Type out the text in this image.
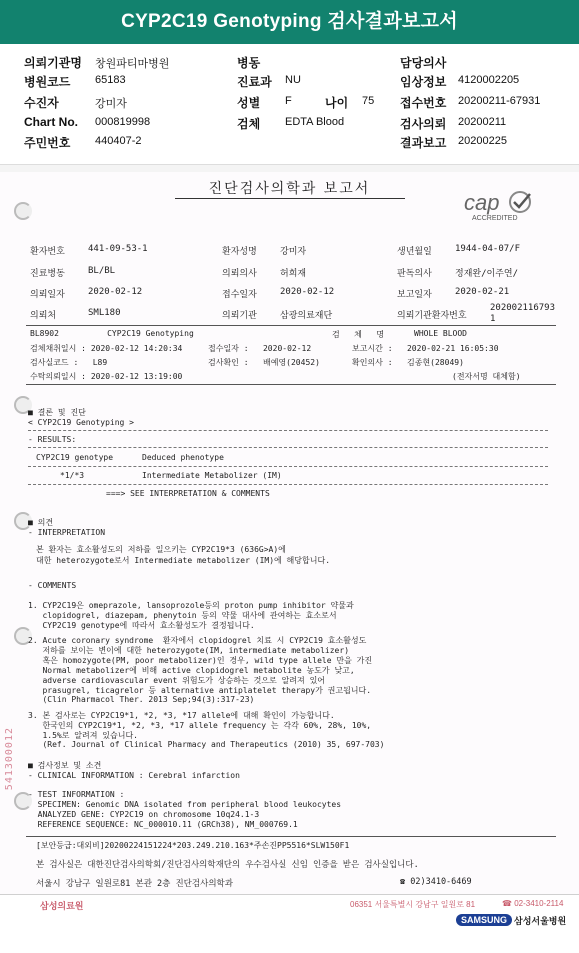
CYP2C19 Genotyping 검사결과보고서
의뢰기관명 창원파티마병원
병원코드 65183
수진자	강미자
Chart No. 000819998
주민번호 440407-2
병동
진료과 NU
성별 F	나이 75
검체 EDTA Blood
담당의사
임상정보 4120002205
접수번호 20200211-67931
검사의뢰 20200211
결과보고 20200225
진단검사의학과 보고서
cap
ACCREDITED
환자번호	441-09-53-1	환자성명	강미자	생년월일	1944-04-07/F
진료병동	BL/BL	의뢰의사	허희재	판독의사	정재완/이주연/
의뢰일자	2020-02-12	접수일자	2020-02-12	보고일자	2020-02-21
의뢰처	SML180	의뢰기관	삼광의료재단	의뢰기관환자번호
202002116793
1
BL8902          CYP2C19 Genotyping	검   체   명	WHOLE BLOOD
검체채취일시 : 2020-02-12 14:20:34	접수일자 :   2020-02-12	보고시간 :   2020-02-21 16:05:30
검사실코드 :   L89	검사확인 :   배예영(20452)	확인의사 :   김종현(28049)
수탁의뢰일시 : 2020-02-12 13:19:00	(전자서명 대체함)
■ 결론 및 진단
< CYP2C19 Genotyping >
- RESULTS:
CYP2C19 genotype	Deduced phenotype
*1/*3	Intermediate Metabolizer (IM)
===> SEE INTERPRETATION & COMMENTS
■ 의견
- INTERPRETATION
본 환자는 효소활성도의 저하를 일으키는 CYP2C19*3 (636G>A)에
대한 heterozygote로서 Intermediate metabolizer (IM)에 해당합니다.
- COMMENTS
1. CYP2C19은 omeprazole, lansoprozole등의 proton pump inhibitor 약물과
clopidogrel, diazepam, phenytoin 등의 약물 대사에 관여하는 효소로서
CYP2C19 genotype에 따라서 효소활성도가 결정됩니다.
2. Acute coronary syndrome  환자에서 clopidogrel 치료 시 CYP2C19 효소활성도
저하를 보이는 변이에 대한 heterozygote(IM, intermediate metabolizer)
혹은 homozygote(PM, poor metabolizer)인 경우, wild type allele 만을 가진
Normal metabolizer에 비해 active clopidogrel metabolite 농도가 낮고,
adverse cardiovascular event 위험도가 상승하는 것으로 알려져 있어
prasugrel, ticagrelor 등 alternative antiplatelet therapy가 권고됩니다.
(Clin Pharmacol Ther. 2013 Sep;94(3):317-23)
3. 본 검사로는 CYP2C19*1, *2, *3, *17 allele에 대해 확인이 가능합니다.
한국인의 CYP2C19*1, *2, *3, *17 allele frequency 는 각각 60%, 28%, 10%,
1.5%로 알려져 있습니다.
(Ref. Journal of Clinical Pharmacy and Therapeutics (2010) 35, 697-703)
■ 검사정보 및 소견
- CLINICAL INFORMATION : Cerebral infarction
- TEST INFORMATION :
SPECIMEN: Genomic DNA isolated from peripheral blood leukocytes
ANALYZED GENE: CYP2C19 on chromosome 10q24.1-3
REFERENCE SEQUENCE: NC_000010.11 (GRCh38), NM_000769.1
541300012
[보안등급:대외비]20200224151224*203.249.210.163*주손진PP5516*SLW150F1
본 검사실은 대한진단검사의학회/진단검사의학재단의 우수검사실 신임 인증을 받은 검사실입니다.
서울시 강남구 일원로81 본관 2층 진단검사의학과	☎ 02)3410-6469
삼성의료원	06351 서울특별시 강남구 일원로 81	☎ 02-3410-2114
SAMSUNG 삼성서울병원
